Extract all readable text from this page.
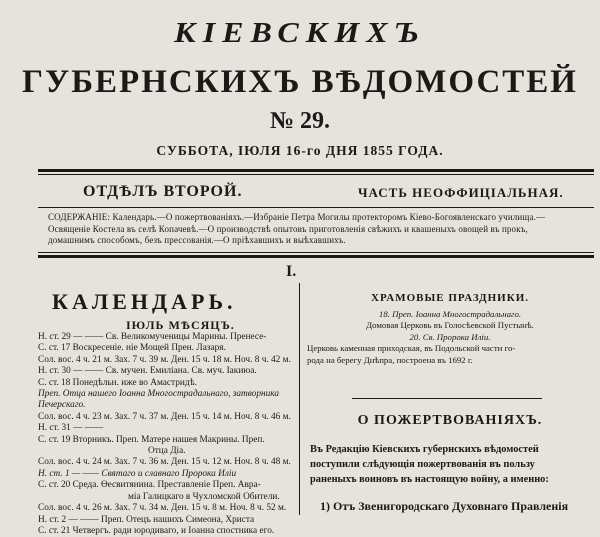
КІЕВСКИХЪ
ГУБЕРНСКИХЪ ВѢДОМОСТЕЙ
№ 29.
СУББОТА, ІЮЛЯ 16-го ДНЯ 1855 ГОДА.
ОТДѢЛЪ ВТОРОЙ.	ЧАСТЬ НЕОФФИЦІАЛЬНАЯ.
СОДЕРЖАНІЕ: Календарь.—О пожертвованіяхъ.—Избраніе Петра Могилы протекторомъ Кіево-Богоявленскаго училища.—
Освященіе Костела въ селѣ Копачевѣ.—О производствѣ опытовъ приготовленія свѣжихъ и квашеныхъ овощей въ прокъ,
домашнимъ способомъ, безъ прессованія.—О пріѣхавшихъ и выѣхавшихъ.
I.
КАЛЕНДАРЬ.
ІЮЛЬ МѢСЯЦЪ.
Н. ст. 29 — —— Св. Великомученицы Марины. Пренесе-
С. ст. 17 Воскресеніе. ніе Мощей Прен. Лазаря.
Сол. вос. 4 ч. 21 м. Зах. 7 ч. 39 м. Ден. 15 ч. 18 м. Ноч. 8 ч. 42 м.
Н. ст. 30 — —— Св. мучен. Емиліана. Св. муч. Іакиюа.
С. ст. 18 Понедѣльн. иже во Амастридѣ.
Преп. Отца нашего Іоанна Многострадальнаго, затворника
Печерскаго.
Сол. вос. 4 ч. 23 м. Зах. 7 ч. 37 м. Ден. 15 ч. 14 м. Ноч. 8 ч. 46 м.
Н. ст. 31 — ——
С. ст. 19 Вторникъ. Преп. Матере нашея Макрины. Преп.
Отца Діа.
Сол. вос. 4 ч. 24 м. Зах. 7 ч. 36 м. Ден. 15 ч. 12 м. Ноч. 8 ч. 48 м.
Н. ст. 1 — —— Святаго и славнаго Пророка Иліи
С. ст. 20 Среда. Ѳесвитянина. Преставленіе Преп. Авра-
міа Галицкаго в Чухломской Обители.
Сол. вос. 4 ч. 26 м. Зах. 7 ч. 34 м. Ден. 15 ч. 8 м. Ноч. 8 ч. 52 м.
Н. ст. 2 — —— Преп. Отецъ нашихъ Симеона, Христа
С. ст. 21 Четвергъ. ради юродиваго, и Іоанна спостника его.
ХРАМОВЫЕ ПРАЗДНИКИ.
18. Преп. Іоанна Многострадальнаго.
Домовая Церковь въ Голосѣевской Пустынѣ.
20. Св. Пророка Иліи.
Церковь каменная приходская, въ Подольской части го-
рода на берегу Днѣпра, построена въ 1692 г.
О ПОЖЕРТВОВАНІЯХЪ.
Въ Редакцію Кіевскихъ губернскихъ вѣдомостей
поступили слѣдующія пожертвованія въ пользу
раненыхъ воиновъ въ настоящую войну, а именно:
1) Отъ Звенигородскаго Духовнаго Правленія
